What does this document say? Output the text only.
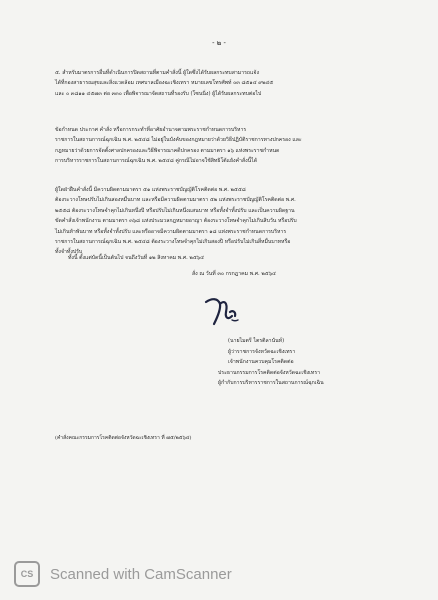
- ๒ -
๕. สำหรับมาตรการอื่นที่ดำเนินการปิดสถานที่ตามคำสั่งนี้ ผู้ใดซึ่งได้รับผลกระทบสามารถแจ้ง
ได้ที่กองสาธารณสุขและสิ่งแวดล้อม เทศบาลเมืองฉะเชิงเทรา หมายเลขโทรศัพท์ ๐๓ ๘๕๑๔ ๙๒๔๕
และ ๐ ๓๘๑๑ ๔๕๗๓ ต่อ ๓๓๐ เพื่อพิจารณาจัดสถานที่รองรับ (โซนนิ่ง) ผู้ได้รับผลกระทบต่อไป
ข้อกำหนด ประกาศ คำสั่ง หรือการกระทำที่อาศัยอำนาจตามพระราชกำหนดการบริหาร
ราชการในสถานการณ์ฉุกเฉิน พ.ศ. ๒๕๔๘ ไม่อยู่ในบังคับของกฎหมายว่าด้วยวิธีปฏิบัติราชการทางปกครอง และ
กฎหมายว่าด้วยการจัดตั้งศาลปกครองและวิธีพิจารณาคดีปกครอง ตามมาตรา ๑๖ แห่งพระราชกำหนด
การบริหารราชการในสถานการณ์ฉุกเฉิน พ.ศ. ๒๕๔๘ คู่กรณีไม่อาจใช้สิทธิโต้แย้งคำสั่งนี้ได้
ผู้ใดฝ่าฝืนคำสั่งนี้ มีความผิดตามมาตรา ๕๑ แห่งพระราชบัญญัติโรคติดต่อ พ.ศ. ๒๕๕๘
ต้องระวางโทษปรับไม่เกินสองหมื่นบาท และหรือมีความผิดตามมาตรา ๕๒ แห่งพระราชบัญญัติโรคติดต่อ พ.ศ.
๒๕๕๘ ต้องระวางโทษจำคุกไม่เกินหนึ่งปี หรือปรับไม่เกินหนึ่งแสนบาท หรือทั้งจำทั้งปรับ และเป็นความผิดฐาน
ขัดคำสั่งเจ้าพนักงาน ตามมาตรา ๓๖๘ แห่งประมวลกฎหมายอาญา ต้องระวางโทษจำคุกไม่เกินสิบวัน หรือปรับ
ไม่เกินห้าพันบาท หรือทั้งจำทั้งปรับ และหรืออาจมีความผิดตามมาตรา ๑๘ แห่งพระราชกำหนดการบริหาร
ราชการในสถานการณ์ฉุกเฉิน พ.ศ. ๒๕๔๘ ต้องระวางโทษจำคุกไม่เกินสองปี หรือปรับไม่เกินสี่หมื่นบาทหรือ
ทั้งจำทั้งปรับ
ทั้งนี้ ตั้งแต่บัดนี้เป็นต้นไป จนถึงวันที่ ๑๒ สิงหาคม พ.ศ. ๒๕๖๔
สั่ง ณ วันที่ ๓๐ กรกฎาคม พ.ศ. ๒๕๖๔
(นายไมตรี ไตรติลานันท์)
ผู้ว่าราชการจังหวัดฉะเชิงเทรา
เจ้าพนักงานควบคุมโรคติดต่อ
ประธานกรรมการโรคติดต่อจังหวัดฉะเชิงเทรา
ผู้กำกับการบริหารราชการในสถานการณ์ฉุกเฉิน
(คำสั่งคณะกรรมการโรคติดต่อจังหวัดฉะเชิงเทรา ที่ ๗๕/๒๕๖๔)
CS	Scanned with CamScanner
